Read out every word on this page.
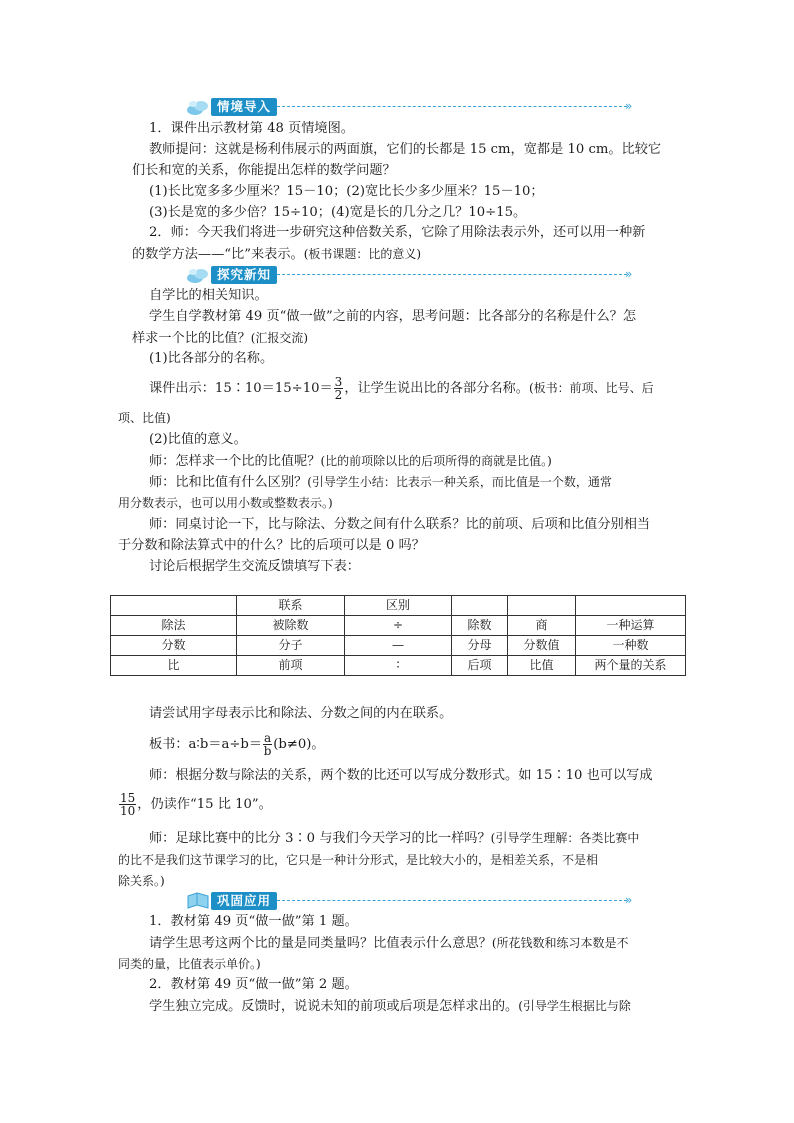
情境导入	»
1．课件出示教材第 48 页情境图。
教师提问：这就是杨利伟展示的两面旗，它们的长都是 15 cm，宽都是 10 cm。比较它
们长和宽的关系，你能提出怎样的数学问题？
(1)长比宽多多少厘米？15－10；(2)宽比长少多少厘米？15－10；
(3)长是宽的多少倍？15÷10；(4)宽是长的几分之几？10÷15。
2．师：今天我们将进一步研究这种倍数关系，它除了用除法表示外，还可以用一种新
的数学方法——“比”来表示。(板书课题：比的意义)
探究新知	»
自学比的相关知识。
学生自学教材第 49 页“做一做”之前的内容，思考问题：比各部分的名称是什么？怎
样求一个比的比值？(汇报交流)
(1)比各部分的名称。
课件出示：15∶10＝15÷10＝ $\frac{3}{2}$ ，让学生说出比的各部分名称。(板书：前项、比号、后
项、比值)
(2)比值的意义。
师：怎样求一个比的比值呢？(比的前项除以比的后项所得的商就是比值。)
师：比和比值有什么区别？(引导学生小结：比表示一种关系，而比值是一个数，通常
用分数表示，也可以用小数或整数表示。)
师：同桌讨论一下，比与除法、分数之间有什么联系？比的前项、后项和比值分别相当
于分数和除法算式中的什么？比的后项可以是 0 吗？
讨论后根据学生交流反馈填写下表：
	联系	区别			
除法	被除数	÷	除数	商	一种运算
分数	分子	—	分母	分数值	一种数
比	前项	∶	后项	比值	两个量的关系
请尝试用字母表示比和除法、分数之间的内在联系。
板书：a∶b＝a÷b＝ $\frac{a}{b} (b\ne 0)$。
师：根据分数与除法的关系，两个数的比还可以写成分数形式。如 15∶10 也可以写成
$\frac{15}{10}$ ，仍读作“15 比 10”。
师：足球比赛中的比分 3∶0 与我们今天学习的比一样吗？(引导学生理解：各类比赛中
的比不是我们这节课学习的比，它只是一种计分形式，是比较大小的，是相差关系，不是相
除关系。)
巩固应用	»
1．教材第 49 页“做一做”第 1 题。
请学生思考这两个比的量是同类量吗？比值表示什么意思？(所花钱数和练习本数是不
同类的量，比值表示单价。)
2．教材第 49 页“做一做”第 2 题。
学生独立完成。反馈时，说说未知的前项或后项是怎样求出的。(引导学生根据比与除
